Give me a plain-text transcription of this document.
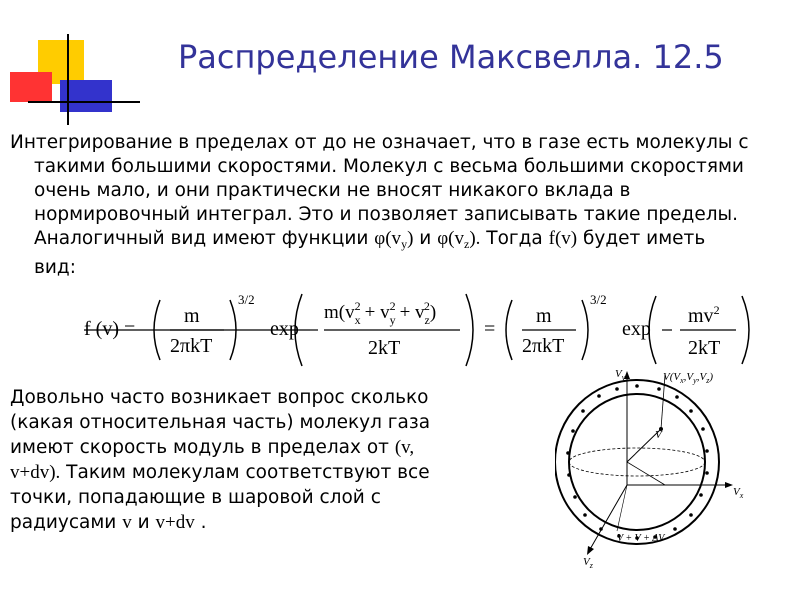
Распределение Максвелла. 12.5
Интегрирование в пределах от до не означает, что в газе есть молекулы с
такими большими скоростями. Молекул с весьма большими скоростями
очень мало, и они практически не вносят никакого вклада в
нормировочный интеграл. Это и позволяет записывать такие пределы.
Аналогичный вид имеют функции $\varphi(v_y)$ и $\varphi(v_z)$. Тогда f(v) будет иметь
вид:
f (v) =
m
2πkT
3/2
exp
$m(v_x2 + v_y2 + v_z2)$
2kT
=
m
2πkT
3/2
exp
$mv^2$
2kT
Довольно часто возникает вопрос сколько
(какая относительная часть) молекул газа
имеют скорость модуль в пределах от (v,
v+dv). Таким молекулам соответствуют все
точки, попадающие в шаровой слой с
радиусами v и v+dv .
$V_y$	$V(V_x,V_y,V_z)$
V
$V_x$
$V_z$
V + V + ΔV
